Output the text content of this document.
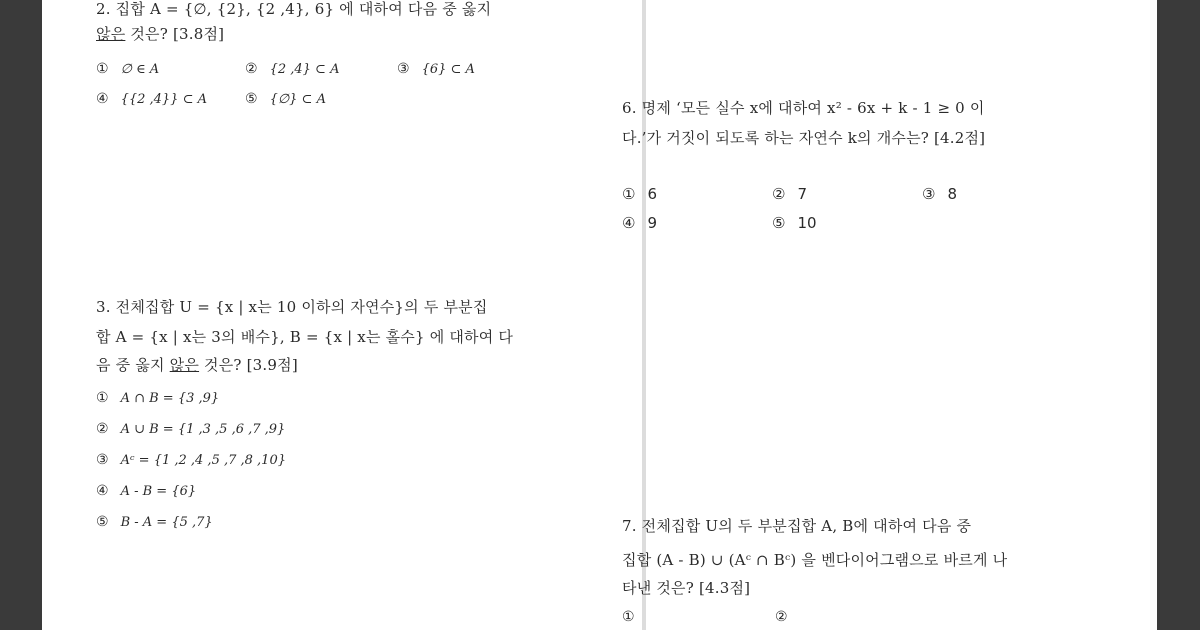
2. 집합 A = {∅, {2}, {2 ,4}, 6} 에 대하여 다음 중 옳지
않은 것은? [3.8점]
① ∅ ∈ A	② {2 ,4} ⊂ A	③ {6} ⊂ A
④ {{2 ,4}} ⊂ A	⑤ {∅} ⊂ A
3. 전체집합 U = {x | x는 10 이하의 자연수}의 두 부분집
합 A = {x | x는 3의 배수}, B = {x | x는 홀수} 에 대하여 다
음 중 옳지 않은 것은? [3.9점]
① A ∩ B = {3 ,9}
② A ∪ B = {1 ,3 ,5 ,6 ,7 ,9}
③ Aᶜ = {1 ,2 ,4 ,5 ,7 ,8 ,10}
④ A - B = {6}
⑤ B - A = {5 ,7}
6. 명제 ‘모든 실수 x에 대하여 x² - 6x + k - 1 ≥ 0 이
다.’가 거짓이 되도록 하는 자연수 k의 개수는? [4.2점]
① 6	② 7	③ 8
④ 9	⑤ 10
7. 전체집합 U의 두 부분집합 A, B에 대하여 다음 중
집합 (A - B) ∪ (Aᶜ ∩ Bᶜ) 을 벤다이어그램으로 바르게 나
타낸 것은? [4.3점]
①	②
